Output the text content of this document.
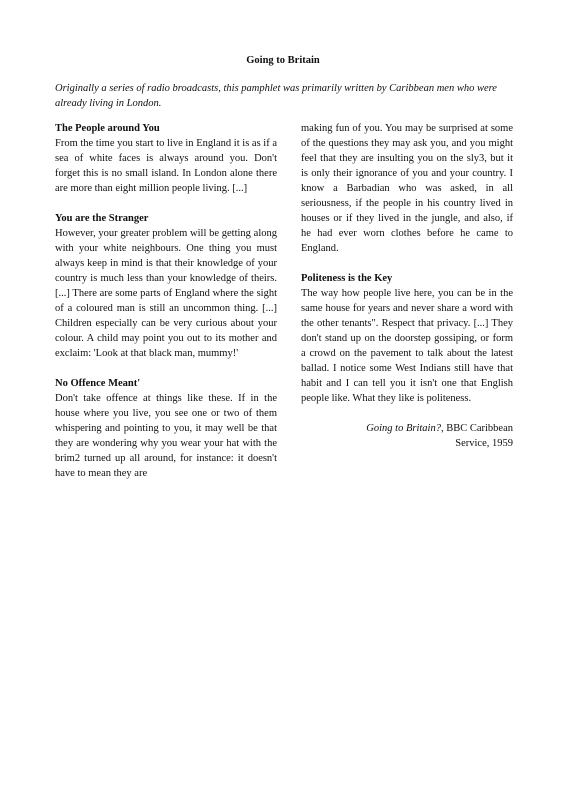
Going to Britain

Originally a series of radio broadcasts, this pamphlet was primarily written by Caribbean men who were already living in London.

The People around You
From the time you start to live in England it is as if a sea of white faces is always around you. Don't forget this is no small island. In London alone there are more than eight million people living. [...]
You are the Stranger
However, your greater problem will be getting along with your white neighbours. One thing you must always keep in mind is that their knowledge of your country is much less than your knowledge of theirs. [...] There are some parts of England where the sight of a coloured man is still an uncommon thing. [...] Children especially can be very curious about your colour. A child may point you out to its mother and exclaim: 'Look at that black man, mummy!'
No Offence Meant'
Don't take offence at things like these. If in the house where you live, you see one or two of them whispering and pointing to you, it may well be that they are wondering why you wear your hat with the brim2 turned up all around, for instance: it doesn't have to mean they are
making fun of you. You may be surprised at some of the questions they may ask you, and you might feel that they are insulting you on the sly3, but it is only their ignorance of you and your country. I know a Barbadian who was asked, in all seriousness, if the people in his country lived in houses or if they lived in the jungle, and also, if he had ever worn clothes before he came to England.
Politeness is the Key
The way how people live here, you can be in the same house for years and never share a word with the other tenants". Respect that privacy. [...] They don't stand up on the doorstep gossiping, or form a crowd on the pavement to talk about the latest ballad. I notice some West Indians still have that habit and I can tell you it isn't one that English people like. What they like is politeness.
Going to Britain?, BBC Caribbean
Service, 1959
